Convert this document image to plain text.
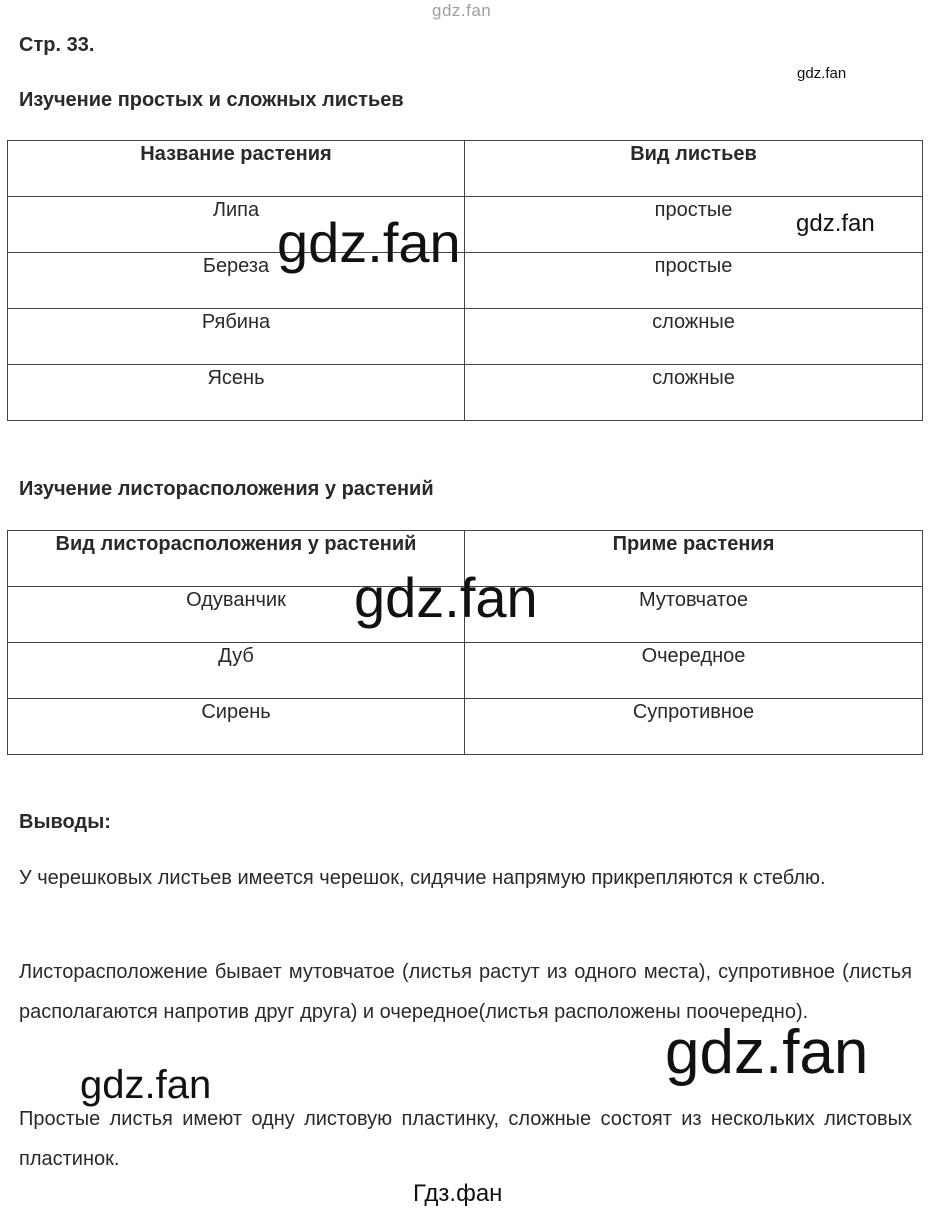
gdz.fan
Стр. 33.
gdz.fan
Изучение простых и сложных листьев
Название растения	Вид листьев

Липа	простые

Береза	простые

Рябина	сложные

Ясень	сложные
Изучение листорасположения у растений
Вид листорасположения у растений	Приме растения

Одуванчик	Мутовчатое

Дуб	Очередное

Сирень	Супротивное
Выводы:
У черешковых листьев имеется черешок, сидячие напрямую прикрепляются к стеблю.
Листорасположение бывает мутовчатое (листья растут из одного места), супротивное (листья располагаются напротив друг друга) и очередное(листья расположены поочередно).
Простые листья имеют одну листовую пластинку, сложные состоят из нескольких листовых пластинок.
gdz.fan	gdz.fan
gdz.fan
gdz.fan
gdz.fan
Гдз.фан
